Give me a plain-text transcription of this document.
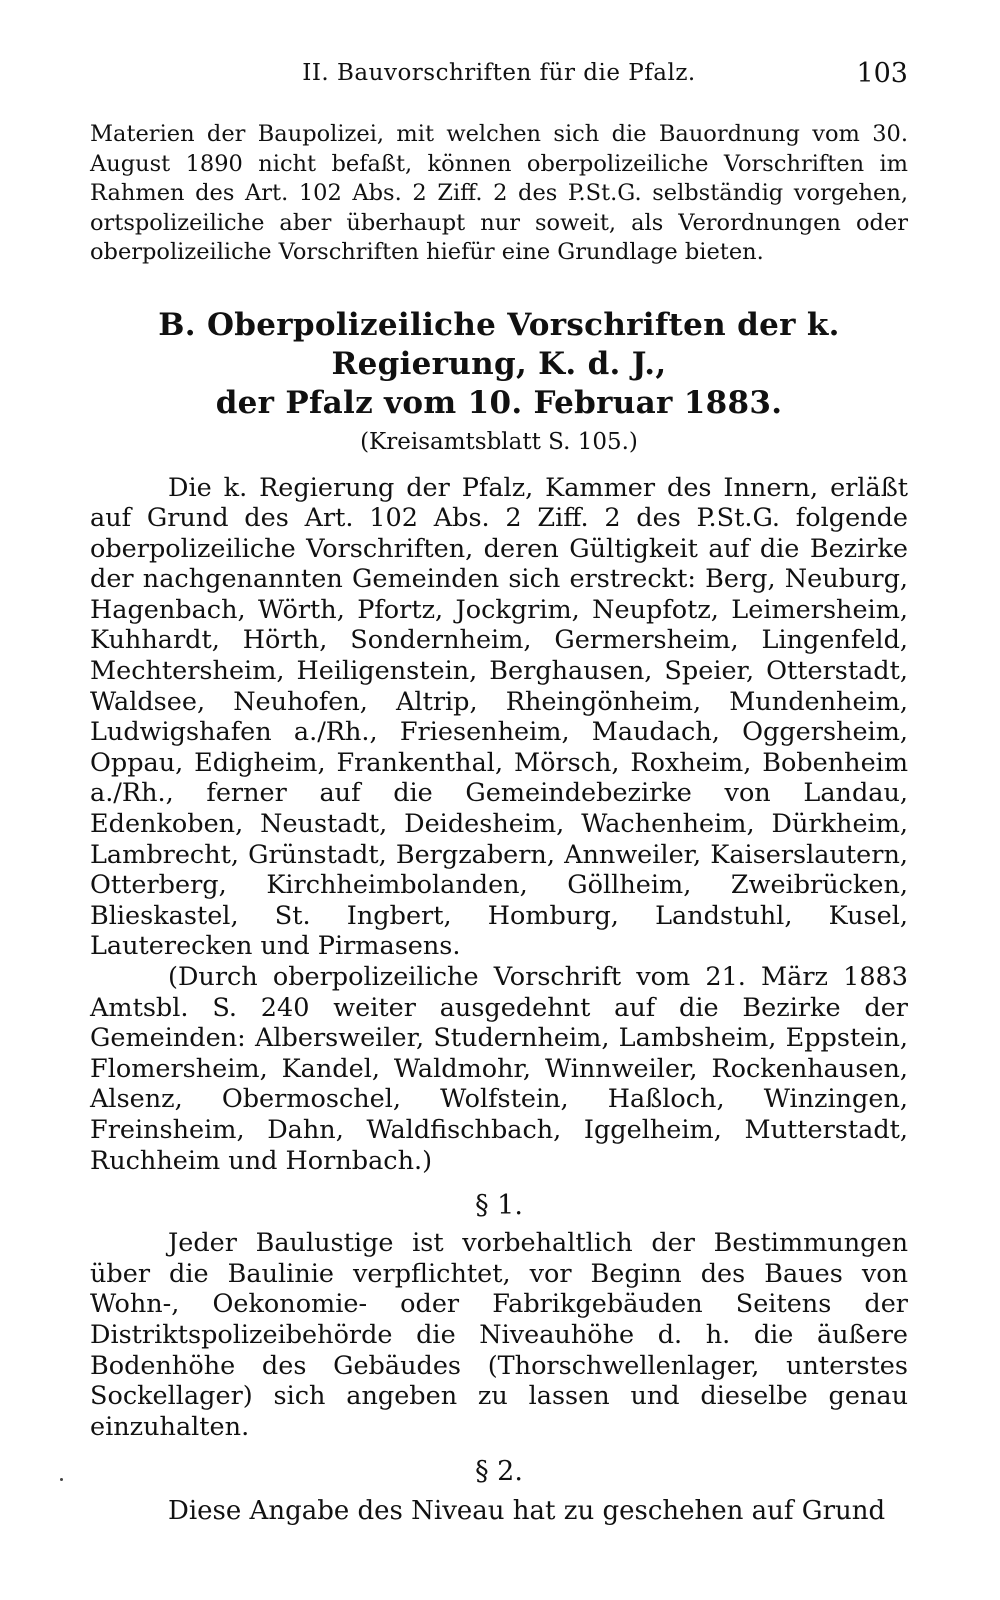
II. Bauvorschriften für die Pfalz.	103

Materien der Baupolizei, mit welchen sich die Bauordnung vom 30. August 1890 nicht befaßt, können oberpolizeiliche Vorschriften im Rahmen des Art. 102 Abs. 2 Ziff. 2 des P.St.G. selbständig vorgehen, ortspolizeiliche aber überhaupt nur soweit, als Verordnungen oder oberpolizeiliche Vorschriften hiefür eine Grundlage bieten.

B. Oberpolizeiliche Vorschriften der k. Regierung, K. d. J.,
der Pfalz vom 10. Februar 1883.
(Kreisamtsblatt S. 105.)

Die k. Regierung der Pfalz, Kammer des Innern, erläßt auf Grund des Art. 102 Abs. 2 Ziff. 2 des P.St.G. folgende oberpolizeiliche Vorschriften, deren Gültigkeit auf die Bezirke der nachgenannten Gemeinden sich erstreckt: Berg, Neuburg, Hagenbach, Wörth, Pfortz, Jockgrim, Neupfotz, Leimersheim, Kuhhardt, Hörth, Sondernheim, Germersheim, Lingenfeld, Mechtersheim, Heiligenstein, Berghausen, Speier, Otterstadt, Waldsee, Neuhofen, Altrip, Rheingönheim, Mundenheim, Ludwigshafen a./Rh., Friesenheim, Maudach, Oggersheim, Oppau, Edigheim, Frankenthal, Mörsch, Roxheim, Bobenheim a./Rh., ferner auf die Gemeindebezirke von Landau, Edenkoben, Neustadt, Deidesheim, Wachenheim, Dürkheim, Lambrecht, Grünstadt, Bergzabern, Annweiler, Kaiserslautern, Otterberg, Kirchheimbolanden, Göllheim, Zweibrücken, Blieskastel, St. Ingbert, Homburg, Landstuhl, Kusel, Lauterecken und Pirmasens.

(Durch oberpolizeiliche Vorschrift vom 21. März 1883 Amtsbl. S. 240 weiter ausgedehnt auf die Bezirke der Gemeinden: Albersweiler, Studernheim, Lambsheim, Eppstein, Flomersheim, Kandel, Waldmohr, Winnweiler, Rockenhausen, Alsenz, Obermoschel, Wolfstein, Haßloch, Winzingen, Freinsheim, Dahn, Waldfischbach, Iggelheim, Mutterstadt, Ruchheim und Hornbach.)

§ 1.

Jeder Baulustige ist vorbehaltlich der Bestimmungen über die Baulinie verpflichtet, vor Beginn des Baues von Wohn-, Oekonomie- oder Fabrikgebäuden Seitens der Distriktspolizeibehörde die Niveauhöhe d. h. die äußere Bodenhöhe des Gebäudes (Thorschwellenlager, unterstes Sockellager) sich angeben zu lassen und dieselbe genau einzuhalten.

§ 2.

Diese Angabe des Niveau hat zu geschehen auf Grund
